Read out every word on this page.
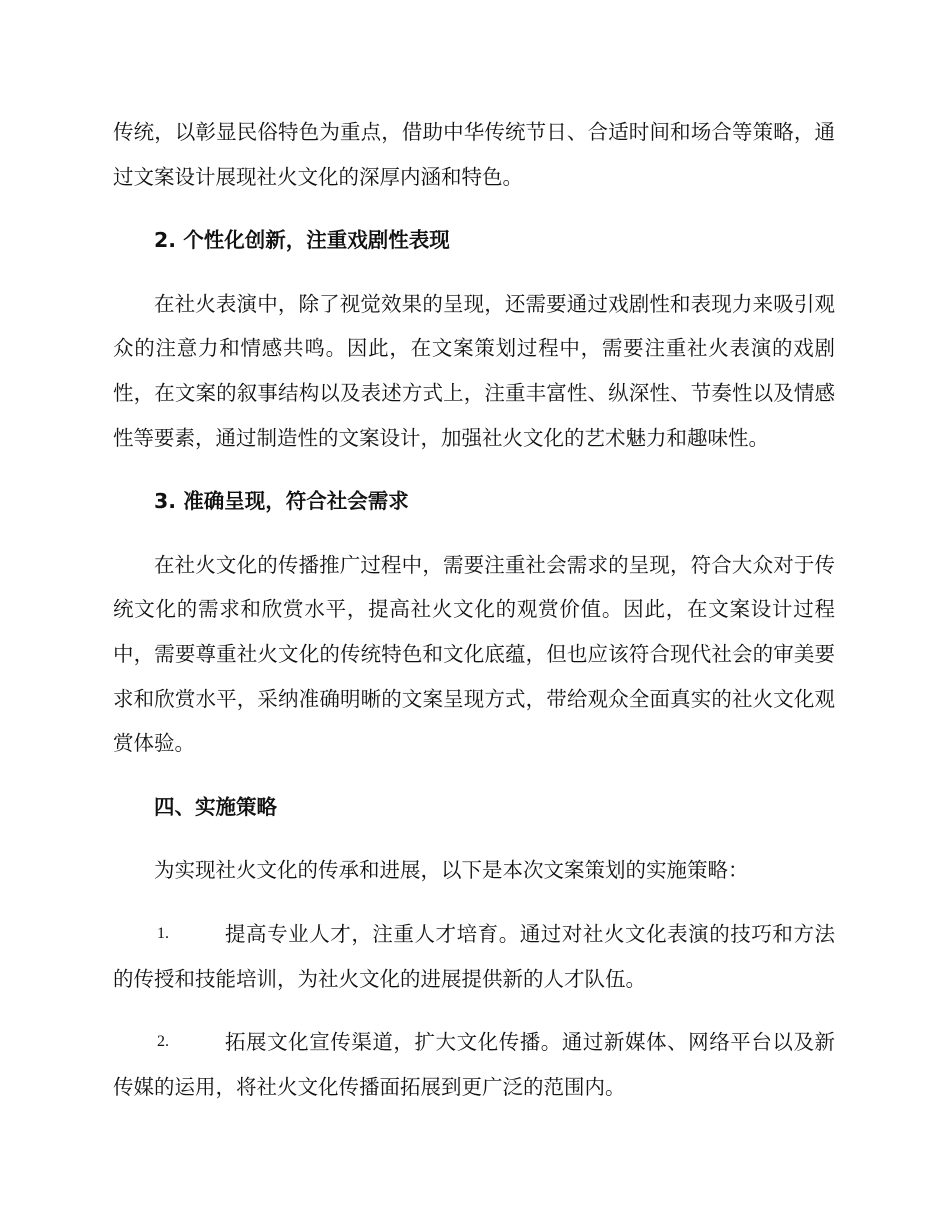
传统，以彰显民俗特色为重点，借助中华传统节日、合适时间和场合等策略，通过文案设计展现社火文化的深厚内涵和特色。

2. 个性化创新，注重戏剧性表现

在社火表演中，除了视觉效果的呈现，还需要通过戏剧性和表现力来吸引观众的注意力和情感共鸣。因此，在文案策划过程中，需要注重社火表演的戏剧性，在文案的叙事结构以及表述方式上，注重丰富性、纵深性、节奏性以及情感性等要素，通过制造性的文案设计，加强社火文化的艺术魅力和趣味性。

3. 准确呈现，符合社会需求

在社火文化的传播推广过程中，需要注重社会需求的呈现，符合大众对于传统文化的需求和欣赏水平，提高社火文化的观赏价值。因此，在文案设计过程中，需要尊重社火文化的传统特色和文化底蕴，但也应该符合现代社会的审美要求和欣赏水平，采纳准确明晰的文案呈现方式，带给观众全面真实的社火文化观赏体验。

四、实施策略

为实现社火文化的传承和进展，以下是本次文案策划的实施策略：

1.	提高专业人才，注重人才培育。通过对社火文化表演的技巧和方法的传授和技能培训，为社火文化的进展提供新的人才队伍。
2.	拓展文化宣传渠道，扩大文化传播。通过新媒体、网络平台以及新传媒的运用，将社火文化传播面拓展到更广泛的范围内。
